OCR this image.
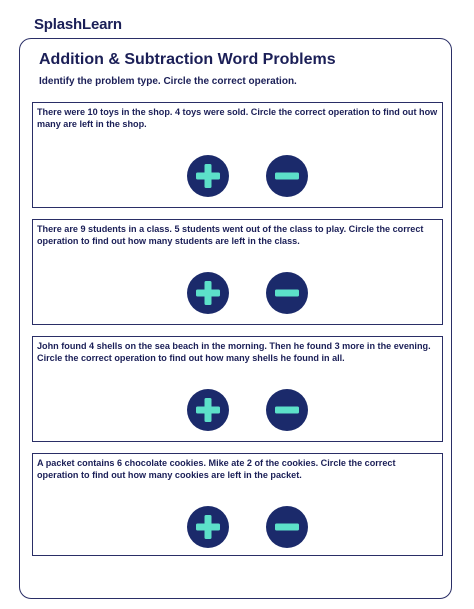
SplashLearn
Addition & Subtraction Word Problems
Identify the problem type. Circle the correct operation.
There were 10 toys in the shop. 4 toys were sold. Circle the correct operation to find out how many are left in the shop.
There are 9 students in a class. 5 students went out of the class to play. Circle the correct operation to find out how many students are left in the class.
John found 4 shells on the sea beach in the morning. Then he found 3 more in the evening. Circle the correct operation to find out how many shells he found in all.
A packet contains 6 chocolate cookies. Mike ate 2 of the cookies. Circle the correct operation to find out how many cookies are left in the packet.
